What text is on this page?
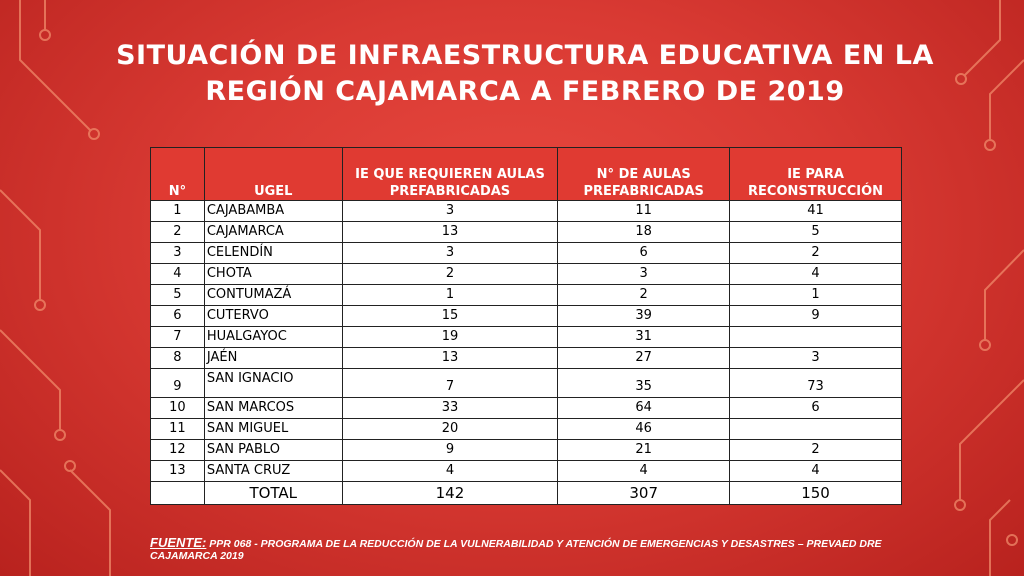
SITUACIÓN DE INFRAESTRUCTURA EDUCATIVA EN LA
REGIÓN CAJAMARCA A FEBRERO DE 2019
N°	UGEL	IE QUE REQUIEREN AULAS PREFABRICADAS	N° DE AULAS PREFABRICADAS	IE PARA RECONSTRUCCIÓN
1	CAJABAMBA	3	11	41
2	CAJAMARCA	13	18	5
3	CELENDÍN	3	6	2
4	CHOTA	2	3	4
5	CONTUMAZÁ	1	2	1
6	CUTERVO	15	39	9
7	HUALGAYOC	19	31	
8	JAÉN	13	27	3
9	SAN IGNACIO	7	35	73
10	SAN MARCOS	33	64	6
11	SAN MIGUEL	20	46	
12	SAN PABLO	9	21	2
13	SANTA CRUZ	4	4	4
	TOTAL	142	307	150
FUENTE: PPR 068 - PROGRAMA DE LA REDUCCIÓN DE LA VULNERABILIDAD Y ATENCIÓN DE EMERGENCIAS Y DESASTRES – PREVAED DRE CAJAMARCA 2019
